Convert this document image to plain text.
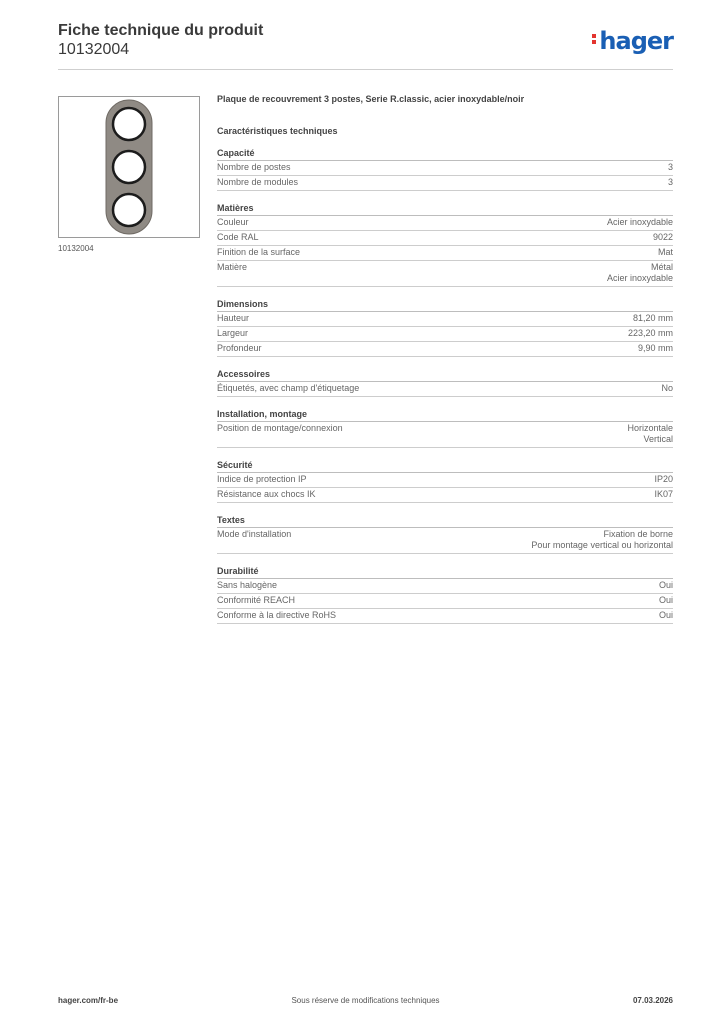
Fiche technique du produit
10132004	hager
10132004
Plaque de recouvrement 3 postes, Serie R.classic, acier inoxydable/noir
Caractéristiques techniques
Capacité
Nombre de postes	3
Nombre de modules	3
Matières
Couleur	Acier inoxydable
Code RAL	9022
Finition de la surface	Mat
Matière	Métal
Acier inoxydable
Dimensions
Hauteur	81,20 mm
Largeur	223,20 mm
Profondeur	9,90 mm
Accessoires
Étiquetés, avec champ d'étiquetage	No
Installation, montage
Position de montage/connexion	Horizontale
Vertical
Sécurité
Indice de protection IP	IP20
Résistance aux chocs IK	IK07
Textes
Mode d'installation	Fixation de borne
Pour montage vertical ou horizontal
Durabilité
Sans halogène	Oui
Conformité REACH	Oui
Conforme à la directive RoHS	Oui
hager.com/fr-be	Sous réserve de modifications techniques	07.03.2026
